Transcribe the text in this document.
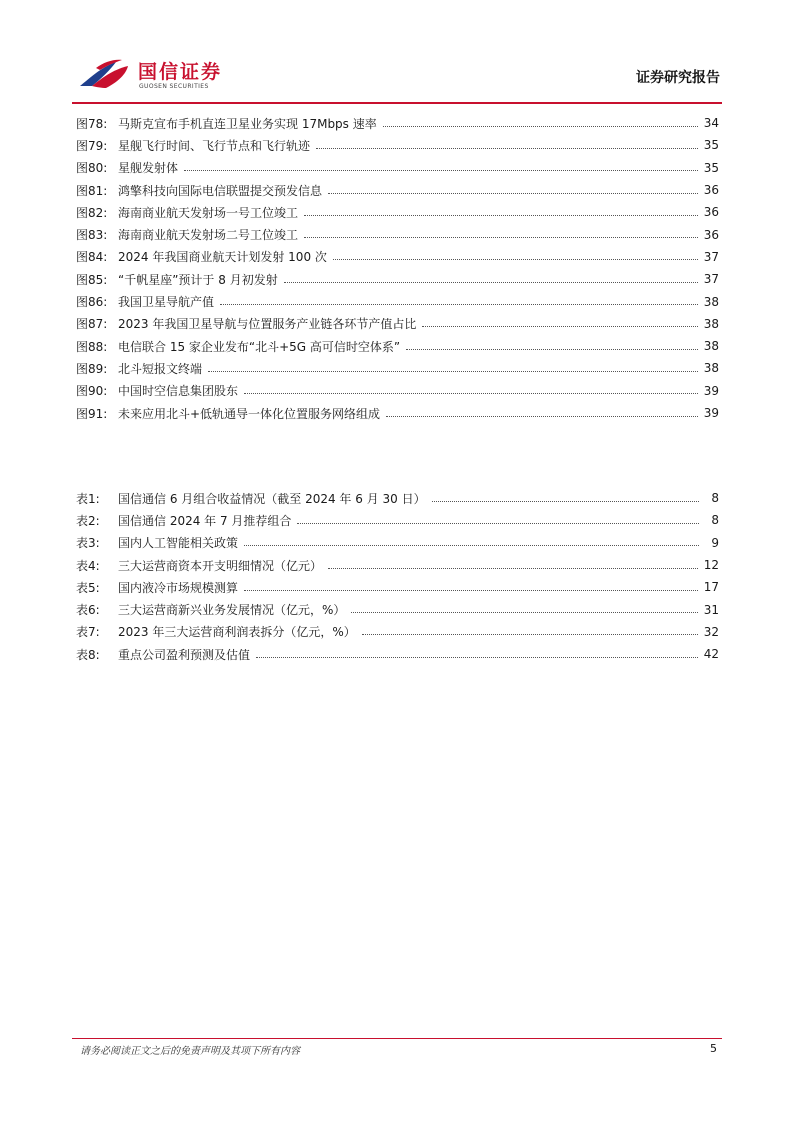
国信证券
GUOSEN SECURITIES
证券研究报告
图78: 马斯克宣布手机直连卫星业务实现 17Mbps 速率	34
图79: 星舰飞行时间、飞行节点和飞行轨迹	35
图80: 星舰发射体	35
图81: 鸿擎科技向国际电信联盟提交预发信息	36
图82: 海南商业航天发射场一号工位竣工	36
图83: 海南商业航天发射场二号工位竣工	36
图84: 2024 年我国商业航天计划发射 100 次	37
图85: “千帆星座”预计于 8 月初发射	37
图86: 我国卫星导航产值	38
图87: 2023 年我国卫星导航与位置服务产业链各环节产值占比	38
图88: 电信联合 15 家企业发布“北斗+5G 高可信时空体系”	38
图89: 北斗短报文终端	38
图90: 中国时空信息集团股东	39
图91: 未来应用北斗+低轨通导一体化位置服务网络组成	39
表1:	国信通信 6 月组合收益情况（截至 2024 年 6 月 30 日）	8
表2:	国信通信 2024 年 7 月推荐组合	8
表3:	国内人工智能相关政策	9
表4:	三大运营商资本开支明细情况（亿元）	12
表5:	国内液冷市场规模测算	17
表6:	三大运营商新兴业务发展情况（亿元，%）	31
表7:	2023 年三大运营商利润表拆分（亿元，%）	32
表8:	重点公司盈利预测及估值	42
请务必阅读正文之后的免责声明及其项下所有内容	5
